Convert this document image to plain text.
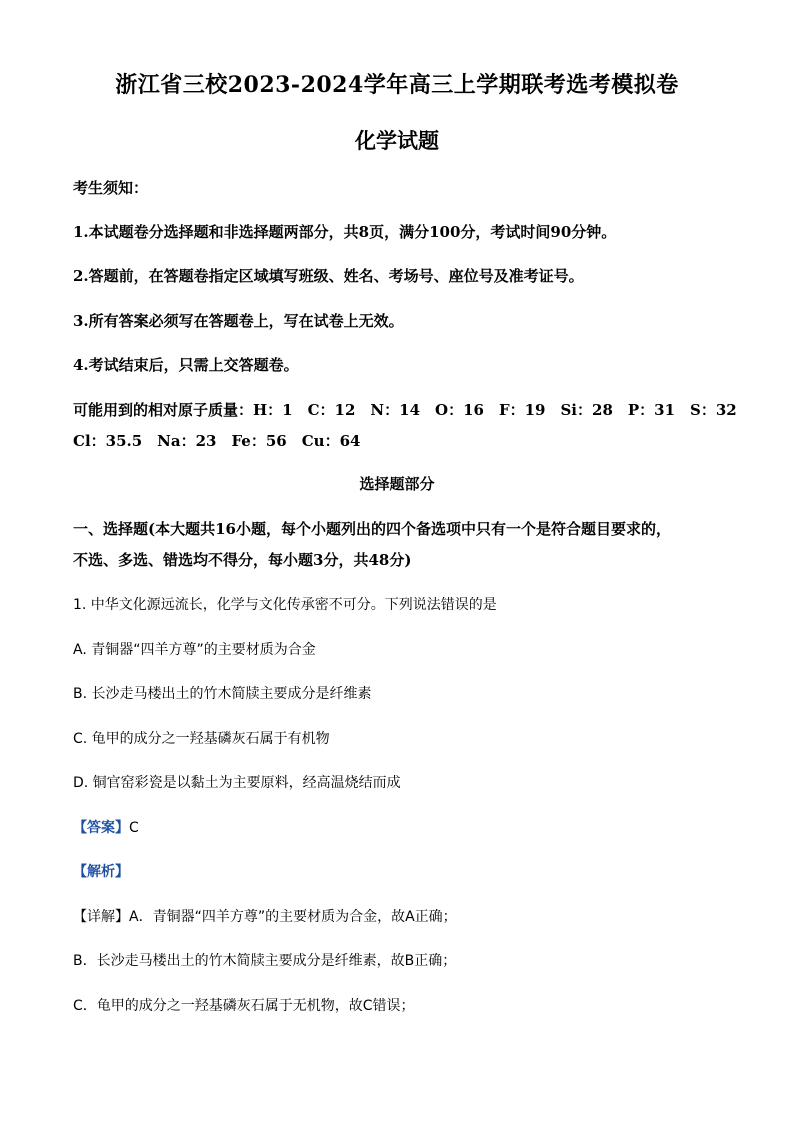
浙江省三校2023-2024学年高三上学期联考选考模拟卷
化学试题
考生须知：
1.本试题卷分选择题和非选择题两部分，共8页，满分100分，考试时间90分钟。
2.答题前，在答题卷指定区域填写班级、姓名、考场号、座位号及准考证号。
3.所有答案必须写在答题卷上，写在试卷上无效。
4.考试结束后，只需上交答题卷。
可能用到的相对原子质量：H：1　C：12　N：14　O：16　F：19　Si：28　P：31　S：32
Cl：35.5　Na：23　Fe：56　Cu：64
选择题部分
一、选择题(本大题共16小题，每个小题列出的四个备选项中只有一个是符合题目要求的，
不选、多选、错选均不得分，每小题3分，共48分)
1. 中华文化源远流长，化学与文化传承密不可分。下列说法错误的是
A. 青铜器“四羊方尊”的主要材质为合金
B. 长沙走马楼出土的竹木简牍主要成分是纤维素
C. 龟甲的成分之一羟基磷灰石属于有机物
D. 铜官窑彩瓷是以黏土为主要原料，经高温烧结而成
【答案】C
【解析】
【详解】A．青铜器“四羊方尊”的主要材质为合金，故A正确；
B．长沙走马楼出土的竹木简牍主要成分是纤维素，故B正确；
C．龟甲的成分之一羟基磷灰石属于无机物，故C错误；
